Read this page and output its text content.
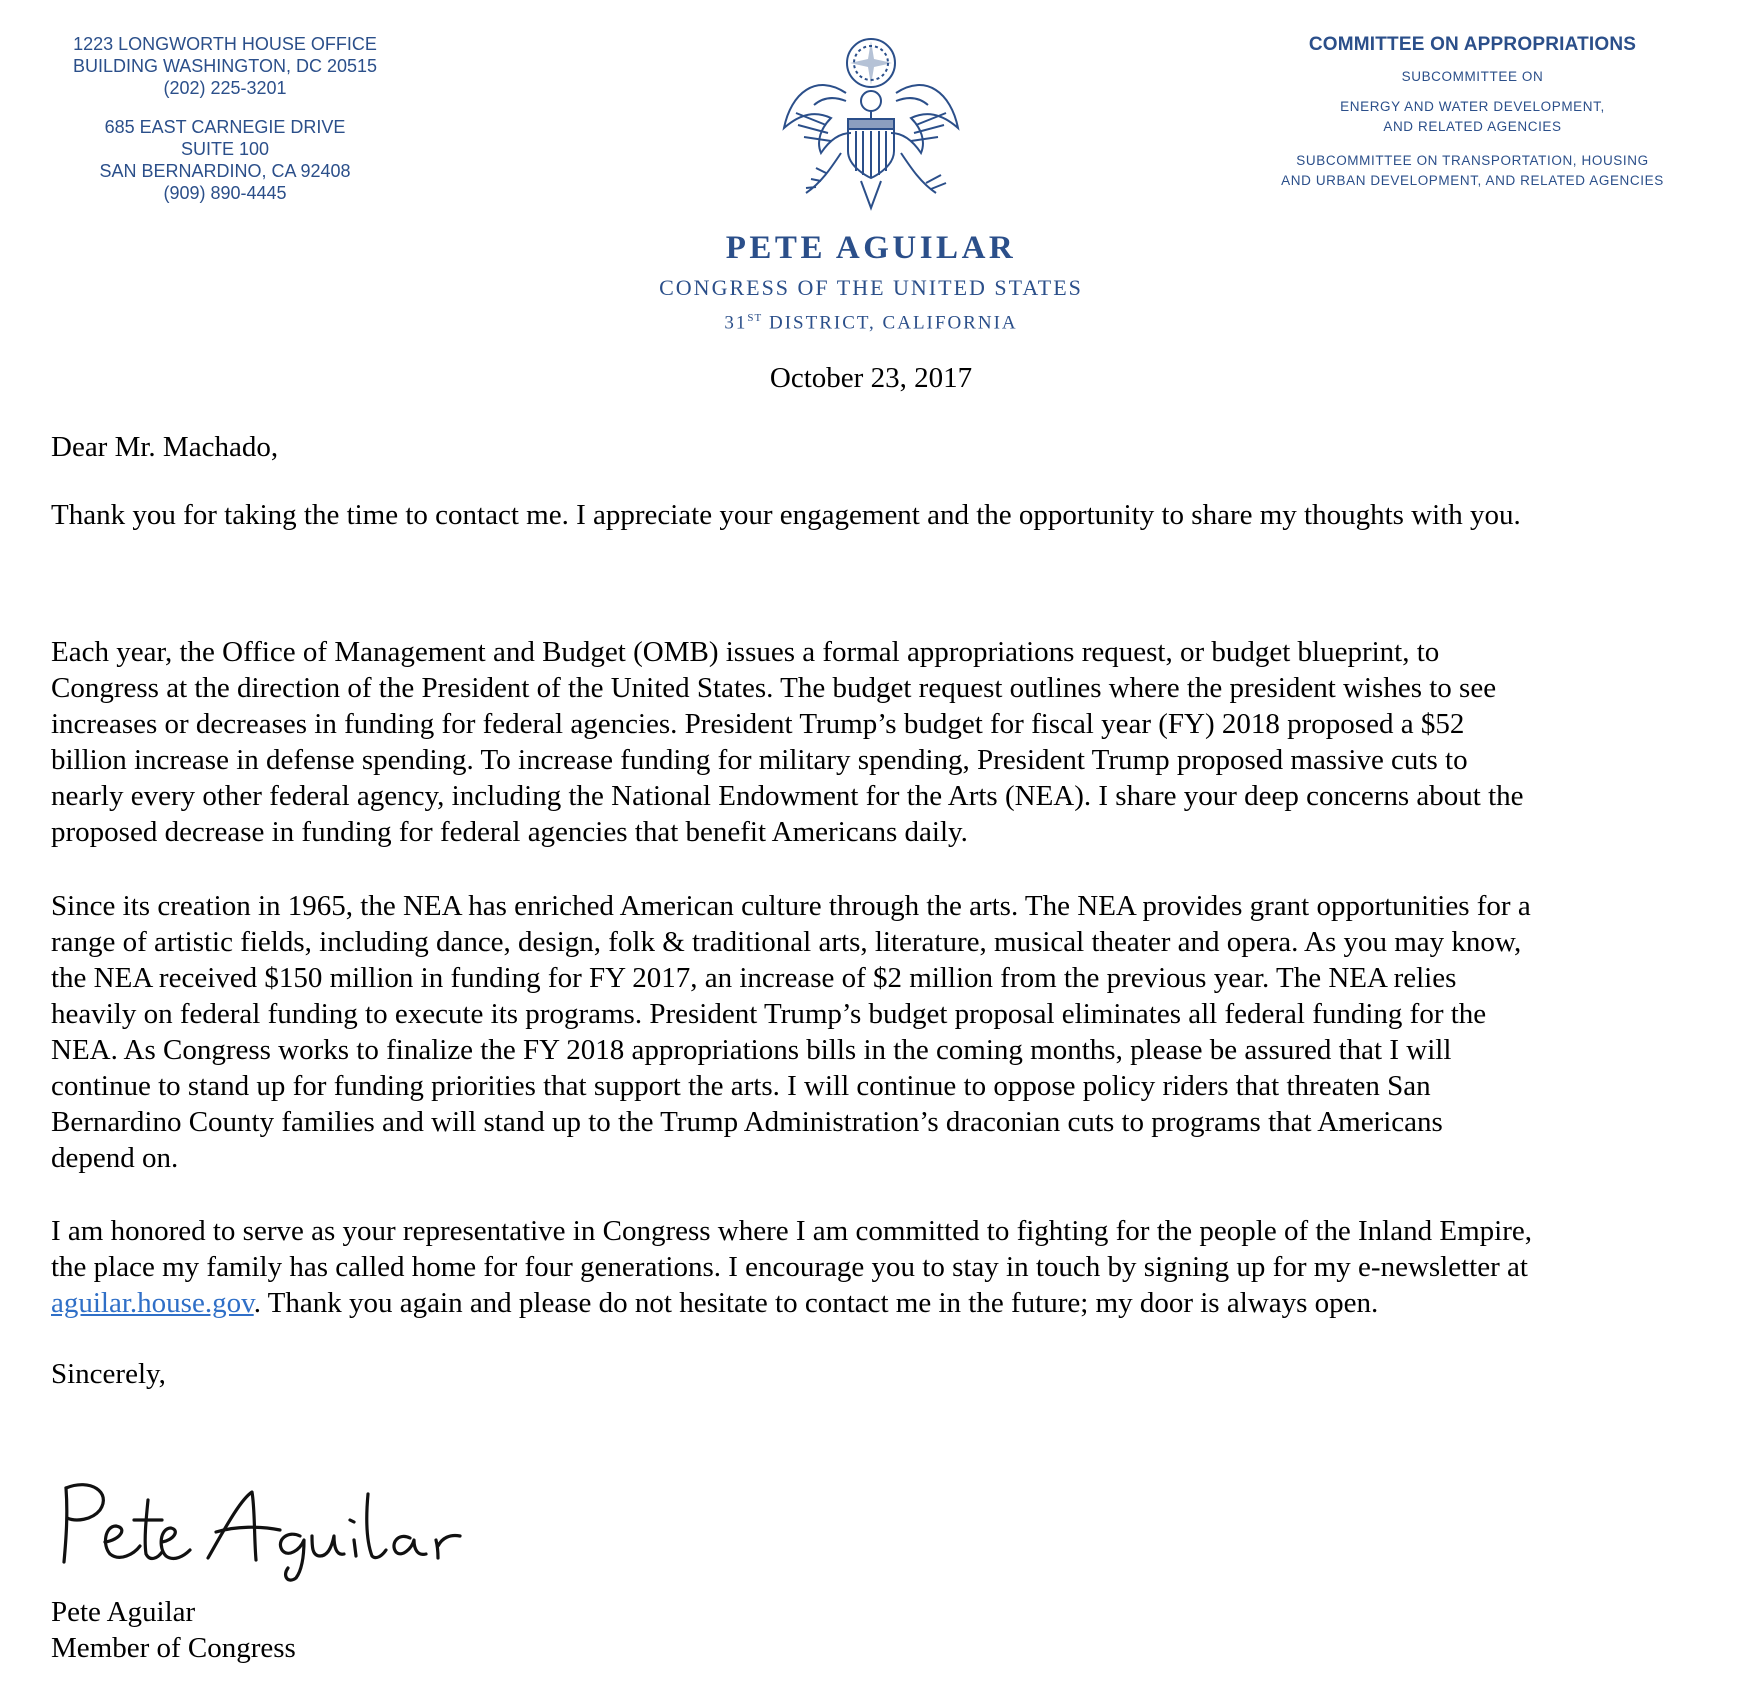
1223 LONGWORTH HOUSE OFFICE
BUILDING WASHINGTON, DC 20515
(202) 225-3201
685 EAST CARNEGIE DRIVE
SUITE 100
SAN BERNARDINO, CA 92408
(909) 890-4445
COMMITTEE ON APPROPRIATIONS
SUBCOMMITTEE ON
ENERGY AND WATER DEVELOPMENT,
AND RELATED AGENCIES
SUBCOMMITTEE ON TRANSPORTATION, HOUSING
AND URBAN DEVELOPMENT, AND RELATED AGENCIES
PETE AGUILAR
CONGRESS OF THE UNITED STATES
31ST DISTRICT, CALIFORNIA
October 23, 2017
Dear Mr. Machado,
Thank you for taking the time to contact me. I appreciate your engagement and the opportunity to share my thoughts with you.
Each year, the Office of Management and Budget (OMB) issues a formal appropriations request, or budget blueprint, to
Congress at the direction of the President of the United States. The budget request outlines where the president wishes to see
increases or decreases in funding for federal agencies. President Trump’s budget for fiscal year (FY) 2018 proposed a $52
billion increase in defense spending. To increase funding for military spending, President Trump proposed massive cuts to
nearly every other federal agency, including the National Endowment for the Arts (NEA). I share your deep concerns about the
proposed decrease in funding for federal agencies that benefit Americans daily.
Since its creation in 1965, the NEA has enriched American culture through the arts. The NEA provides grant opportunities for a
range of artistic fields, including dance, design, folk & traditional arts, literature, musical theater and opera. As you may know,
the NEA received $150 million in funding for FY 2017, an increase of $2 million from the previous year. The NEA relies
heavily on federal funding to execute its programs. President Trump’s budget proposal eliminates all federal funding for the
NEA. As Congress works to finalize the FY 2018 appropriations bills in the coming months, please be assured that I will
continue to stand up for funding priorities that support the arts. I will continue to oppose policy riders that threaten San
Bernardino County families and will stand up to the Trump Administration’s draconian cuts to programs that Americans
depend on.
I am honored to serve as your representative in Congress where I am committed to fighting for the people of the Inland Empire,
the place my family has called home for four generations. I encourage you to stay in touch by signing up for my e-newsletter at
aguilar.house.gov. Thank you again and please do not hesitate to contact me in the future; my door is always open.
Sincerely,
Pete Aguilar
Member of Congress
